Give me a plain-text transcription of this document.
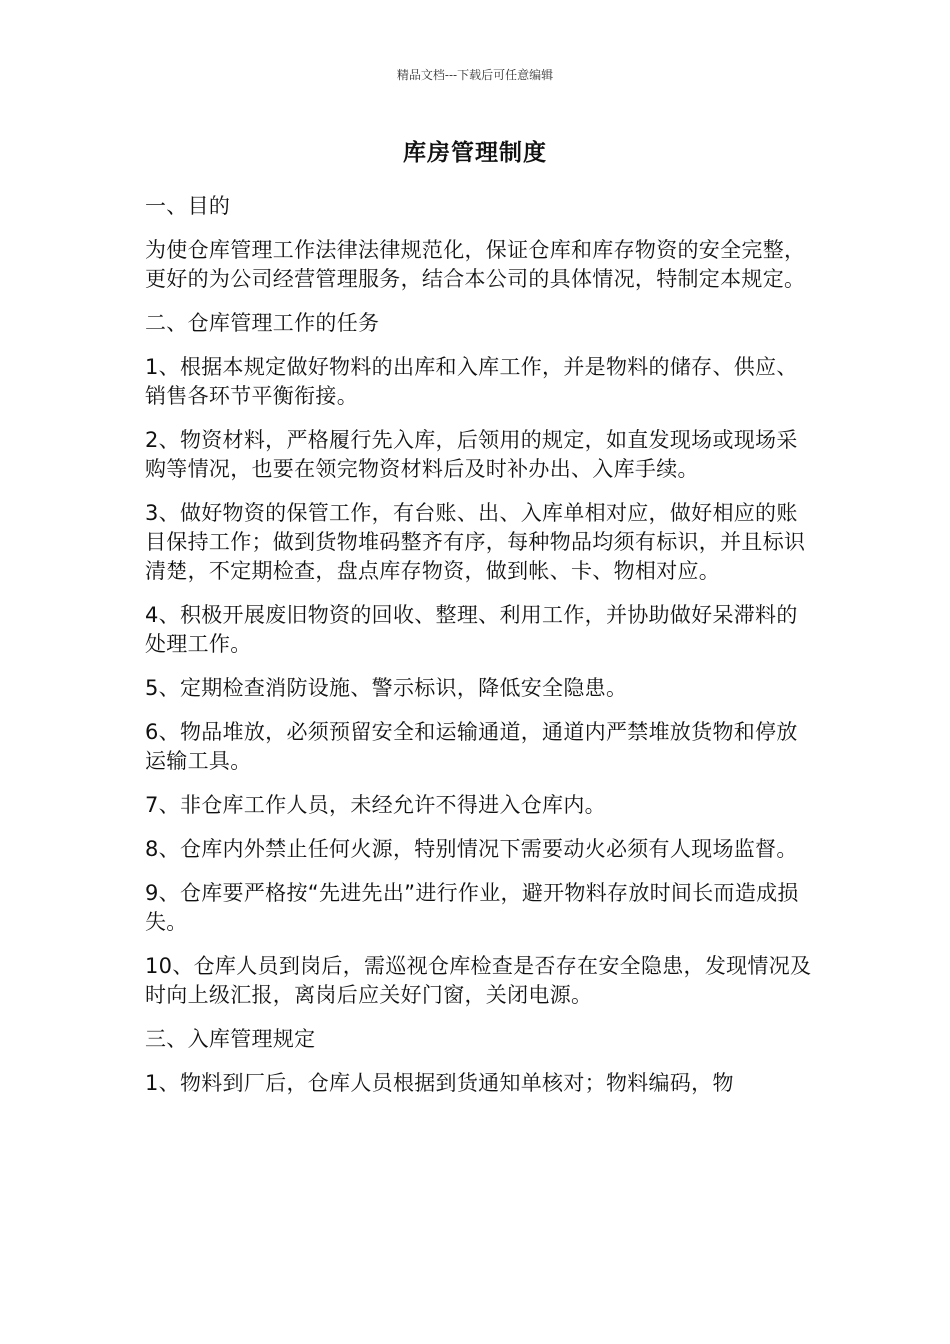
精品文档---下载后可任意编辑
库房管理制度

一、目的

为使仓库管理工作法律法律规范化，保证仓库和库存物资的安全完整，更好的为公司经营管理服务，结合本公司的具体情况，特制定本规定。

二、仓库管理工作的任务

1、根据本规定做好物料的出库和入库工作，并是物料的储存、供应、销售各环节平衡衔接。

2、物资材料，严格履行先入库，后领用的规定，如直发现场或现场采购等情况，也要在领完物资材料后及时补办出、入库手续。

3、做好物资的保管工作，有台账、出、入库单相对应，做好相应的账目保持工作；做到货物堆码整齐有序，每种物品均须有标识，并且标识清楚，不定期检查，盘点库存物资，做到帐、卡、物相对应。

4、积极开展废旧物资的回收、整理、利用工作，并协助做好呆滞料的处理工作。

5、定期检查消防设施、警示标识，降低安全隐患。

6、物品堆放，必须预留安全和运输通道，通道内严禁堆放货物和停放运输工具。

7、非仓库工作人员，未经允许不得进入仓库内。

8、仓库内外禁止任何火源，特别情况下需要动火必须有人现场监督。

9、仓库要严格按“先进先出”进行作业，避开物料存放时间长而造成损失。

10、仓库人员到岗后，需巡视仓库检查是否存在安全隐患，发现情况及时向上级汇报，离岗后应关好门窗，关闭电源。

三、入库管理规定

1、物料到厂后，仓库人员根据到货通知单核对；物料编码，物
